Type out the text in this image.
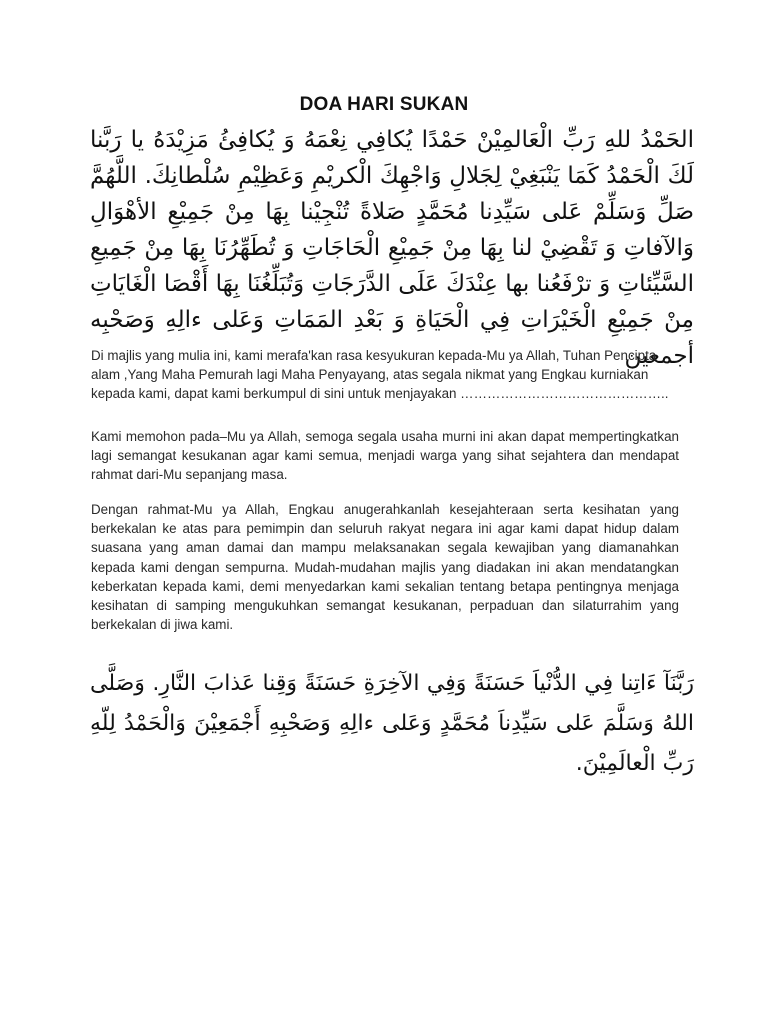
DOA HARI SUKAN

الحَمْدُ للهِ رَبِّ الْعَالمِيْنْ حَمْدًا يُكافِي نِعْمَهُ وَ يُكافِئُ مَزِيْدَهُ يا رَبَّنا لَكَ الْحَمْدُ كَمَا يَنْبَغِيْ لِجَلالِ وَاجْهِكَ الْكريْمِ وَعَظِيْمِ سُلْطانِكَ. اللَّهُمَّ صَلِّ وَسَلِّمْ عَلى سَيِّدِنا مُحَمَّدٍ صَلاةً تُنْجِيْنا بِهَا مِنْ جَمِيْعِ الأهْوَالِ وَالآفاتِ وَ تَقْضِيْ لنا بِهَا مِنْ جَمِيْعِ الْحَاجَاتِ وَ تُطَهِّرُنَا بِهَا مِنْ جَمِيعِ السَّيِّئاتِ وَ ترْفَعُنا بها عِنْدَكَ عَلَى الدَّرَجَاتِ وَتُبَلِّغُنَا بِهَا أَقْصَا الْغَايَاتِ مِنْ جَمِيْعِ الْخَيْرَاتِ فِي الْحَيَاةِ وَ بَعْدِ المَمَاتِ وَعَلى ءالِهِ وَصَحْبِه أجمعين

Di majlis yang mulia ini, kami merafa'kan rasa kesyukuran kepada-Mu ya Allah, Tuhan Pencipta alam ,Yang Maha Pemurah lagi Maha Penyayang, atas segala nikmat yang Engkau kurniakan kepada kami, dapat kami berkumpul di sini untuk menjayakan ………………………………………..

Kami memohon pada–Mu ya Allah, semoga segala usaha murni ini akan dapat mempertingkatkan lagi semangat kesukanan agar kami semua, menjadi warga yang sihat sejahtera dan mendapat rahmat dari-Mu sepanjang masa.

Dengan rahmat-Mu ya Allah, Engkau anugerahkanlah kesejahteraan serta kesihatan yang berkekalan ke atas para pemimpin dan seluruh rakyat negara ini agar kami dapat hidup dalam suasana yang aman damai dan mampu melaksanakan segala kewajiban yang diamanahkan kepada kami dengan sempurna. Mudah-mudahan majlis yang diadakan ini akan mendatangkan keberkatan kepada kami, demi menyedarkan kami sekalian tentang betapa pentingnya menjaga kesihatan di samping mengukuhkan semangat kesukanan, perpaduan dan silaturrahim yang berkekalan di jiwa kami.

رَبَّنَآ ءَاتِنا فِي الدُّنْياَ حَسَنَةً وَفِي الآخِرَةِ حَسَنَةً وَقِنا عَذابَ النَّارِ. وَصَلَّى اللهُ وَسَلَّمَ عَلى سَيِّدِناَ مُحَمَّدٍ وَعَلى ءالِهِ وَصَحْبِهِ أَجْمَعِيْنَ وَالْحَمْدُ لِلّهِ رَبِّ الْعالَمِيْنَ.
